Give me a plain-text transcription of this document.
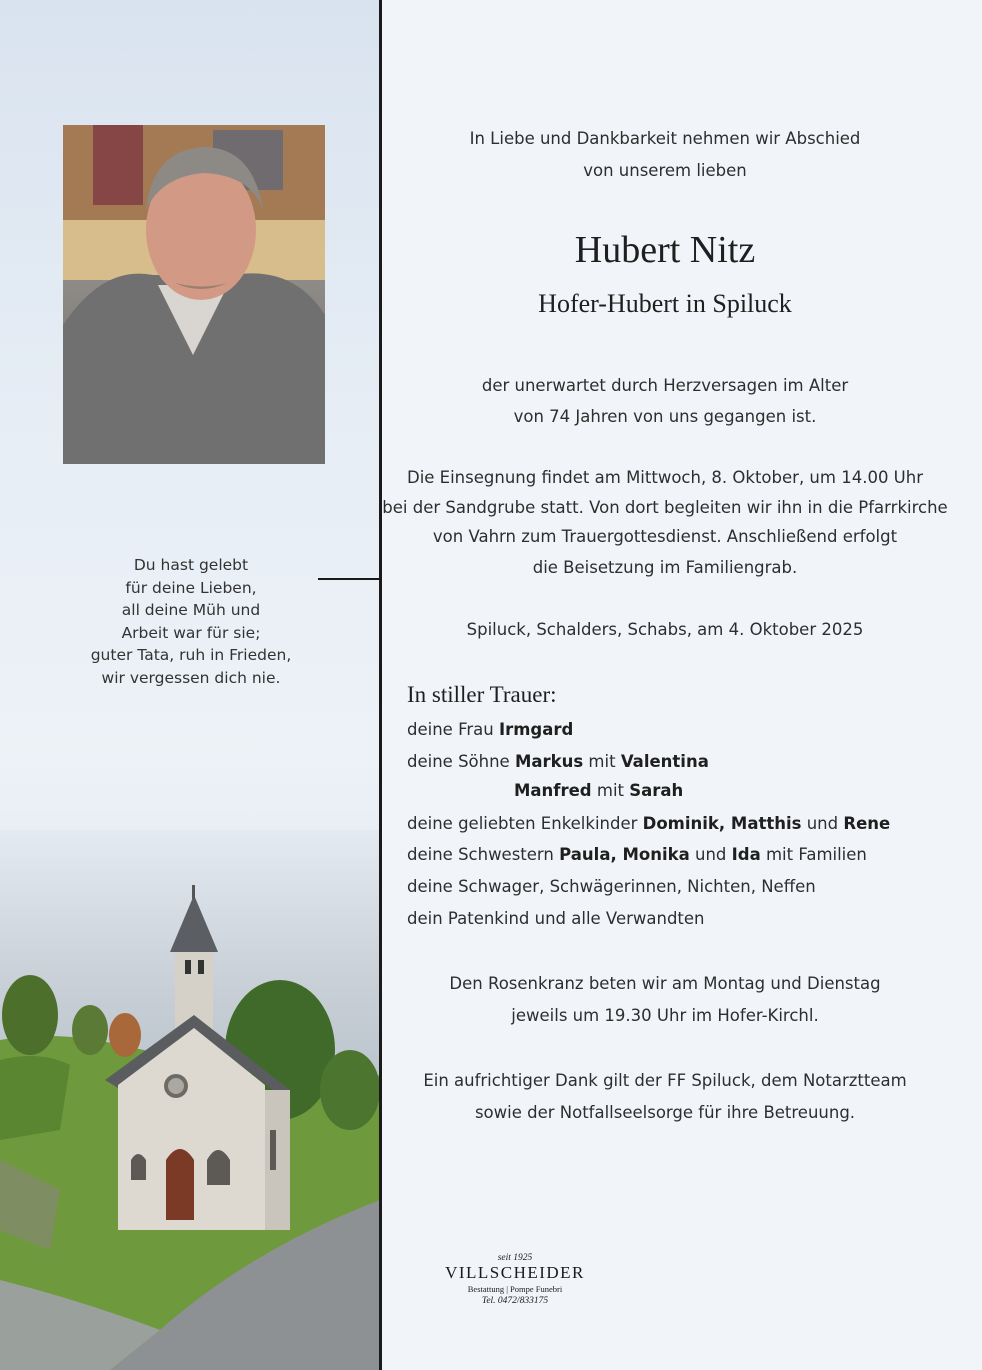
Du hast gelebt
für deine Lieben,
all deine Müh und
Arbeit war für sie;
guter Tata, ruh in Frieden,
wir vergessen dich nie.
In Liebe und Dankbarkeit nehmen wir Abschied
von unserem lieben
Hubert Nitz
Hofer-Hubert in Spiluck
der unerwartet durch Herzversagen im Alter
von 74 Jahren von uns gegangen ist.
Die Einsegnung findet am Mittwoch, 8. Oktober, um 14.00 Uhr
bei der Sandgrube statt. Von dort begleiten wir ihn in die Pfarrkirche
von Vahrn zum Trauergottesdienst. Anschließend erfolgt
die Beisetzung im Familiengrab.
Spiluck, Schalders, Schabs, am 4. Oktober 2025
In stiller Trauer:
deine Frau Irmgard
deine Söhne Markus mit Valentina
Manfred mit Sarah
deine geliebten Enkelkinder Dominik, Matthis und Rene
deine Schwestern Paula, Monika und Ida mit Familien
deine Schwager, Schwägerinnen, Nichten, Neffen
dein Patenkind und alle Verwandten
Den Rosenkranz beten wir am Montag und Dienstag
jeweils um 19.30 Uhr im Hofer-Kirchl.
Ein aufrichtiger Dank gilt der FF Spiluck, dem Notarztteam
sowie der Notfallseelsorge für ihre Betreuung.
seit 1925
VILLSCHEIDER
Bestattung | Pompe Funebri
Tel. 0472/833175
